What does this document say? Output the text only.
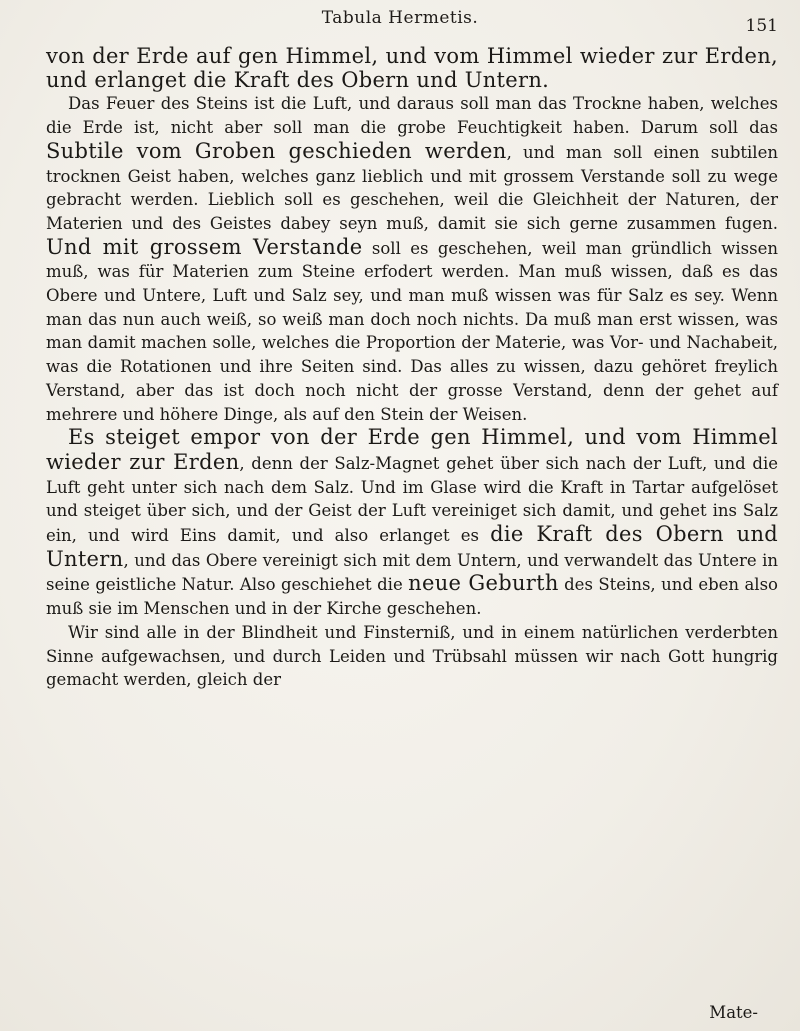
Tabula Hermetis.	151

von der Erde auf gen Himmel, und vom Himmel wieder zur Erden, und erlanget die Kraft des Obern und Untern.

Das Feuer des Steins ist die Luft, und daraus soll man das Trockne haben, welches die Erde ist, nicht aber soll man die grobe Feuchtigkeit haben. Darum soll das Subtile vom Groben geschieden werden, und man soll einen subtilen trocknen Geist haben, welches ganz lieblich und mit grossem Verstande soll zu wege gebracht werden. Lieblich soll es geschehen, weil die Gleichheit der Naturen, der Materien und des Geistes dabey seyn muß, damit sie sich gerne zusammen fugen. Und mit grossem Verstande soll es geschehen, weil man gründlich wissen muß, was für Materien zum Steine erfodert werden. Man muß wissen, daß es das Obere und Untere, Luft und Salz sey, und man muß wissen was für Salz es sey. Wenn man das nun auch weiß, so weiß man doch noch nichts. Da muß man erst wissen, was man damit machen solle, welches die Proportion der Materie, was Vor- und Nachabeit, was die Rotationen und ihre Seiten sind. Das alles zu wissen, dazu gehöret freylich Verstand, aber das ist doch noch nicht der grosse Verstand, denn der gehet auf mehrere und höhere Dinge, als auf den Stein der Weisen.

Es steiget empor von der Erde gen Himmel, und vom Himmel wieder zur Erden, denn der Salz-Magnet gehet über sich nach der Luft, und die Luft geht unter sich nach dem Salz. Und im Glase wird die Kraft in Tartar aufgelöset und steiget über sich, und der Geist der Luft vereiniget sich damit, und gehet ins Salz ein, und wird Eins damit, und also erlanget es die Kraft des Obern und Untern, und das Obere vereinigt sich mit dem Untern, und verwandelt das Untere in seine geistliche Natur. Also geschiehet die neue Geburth des Steins, und eben also muß sie im Menschen und in der Kirche geschehen.

Wir sind alle in der Blindheit und Finsterniß, und in einem natürlichen verderbten Sinne aufgewachsen, und durch Leiden und Trübsahl müssen wir nach Gott hungrig gemacht werden, gleich der

Mate-
